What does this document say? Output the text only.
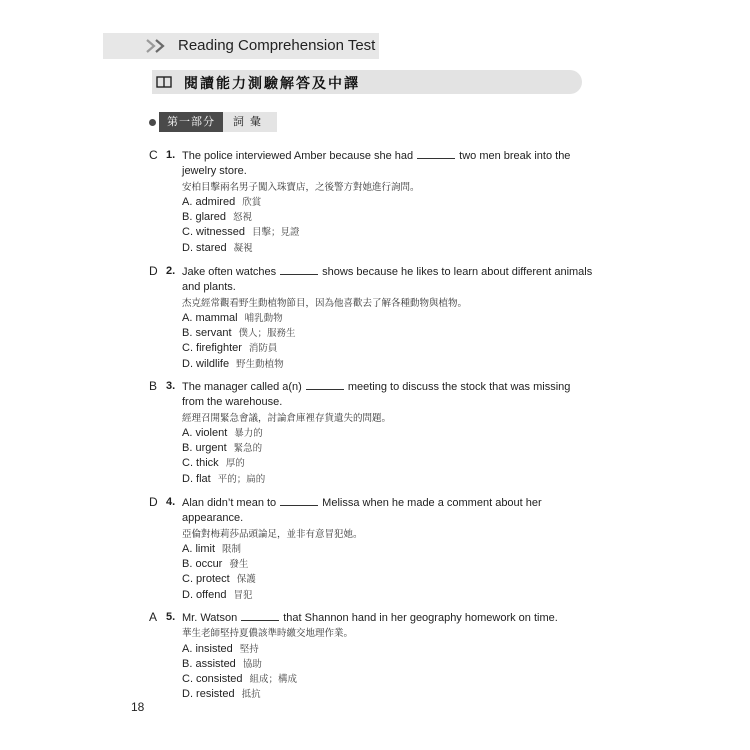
Reading Comprehension Test
閱讀能力測驗解答及中譯
第一部分	詞彙
C 1. The police interviewed Amber because she had	two men break into the
jewelry store.
安柏目擊兩名男子闖入珠寶店，之後警方對她進行詢問。
A. admired 欣賞
B. glared 怒視
C. witnessed 目擊；見證
D. stared 凝視
D 2. Jake often watches	shows because he likes to learn about different animals
and plants.
杰克經常觀看野生動植物節目，因為他喜歡去了解各種動物與植物。
A. mammal 哺乳動物
B. servant 僕人；服務生
C. firefighter 消防員
D. wildlife 野生動植物
B 3. The manager called a(n)	meeting to discuss the stock that was missing
from the warehouse.
經理召開緊急會議，討論倉庫裡存貨遺失的問題。
A. violent 暴力的
B. urgent 緊急的
C. thick 厚的
D. flat 平的；扁的
D 4. Alan didn’t mean to	Melissa when he made a comment about her
appearance.
亞倫對梅莉莎品頭論足，並非有意冒犯她。
A. limit 限制
B. occur 發生
C. protect 保護
D. offend 冒犯
A 5. Mr. Watson	that Shannon hand in her geography homework on time.
華生老師堅持夏儂該準時繳交地理作業。
A. insisted 堅持
B. assisted 協助
C. consisted 組成；構成
D. resisted 抵抗
18
